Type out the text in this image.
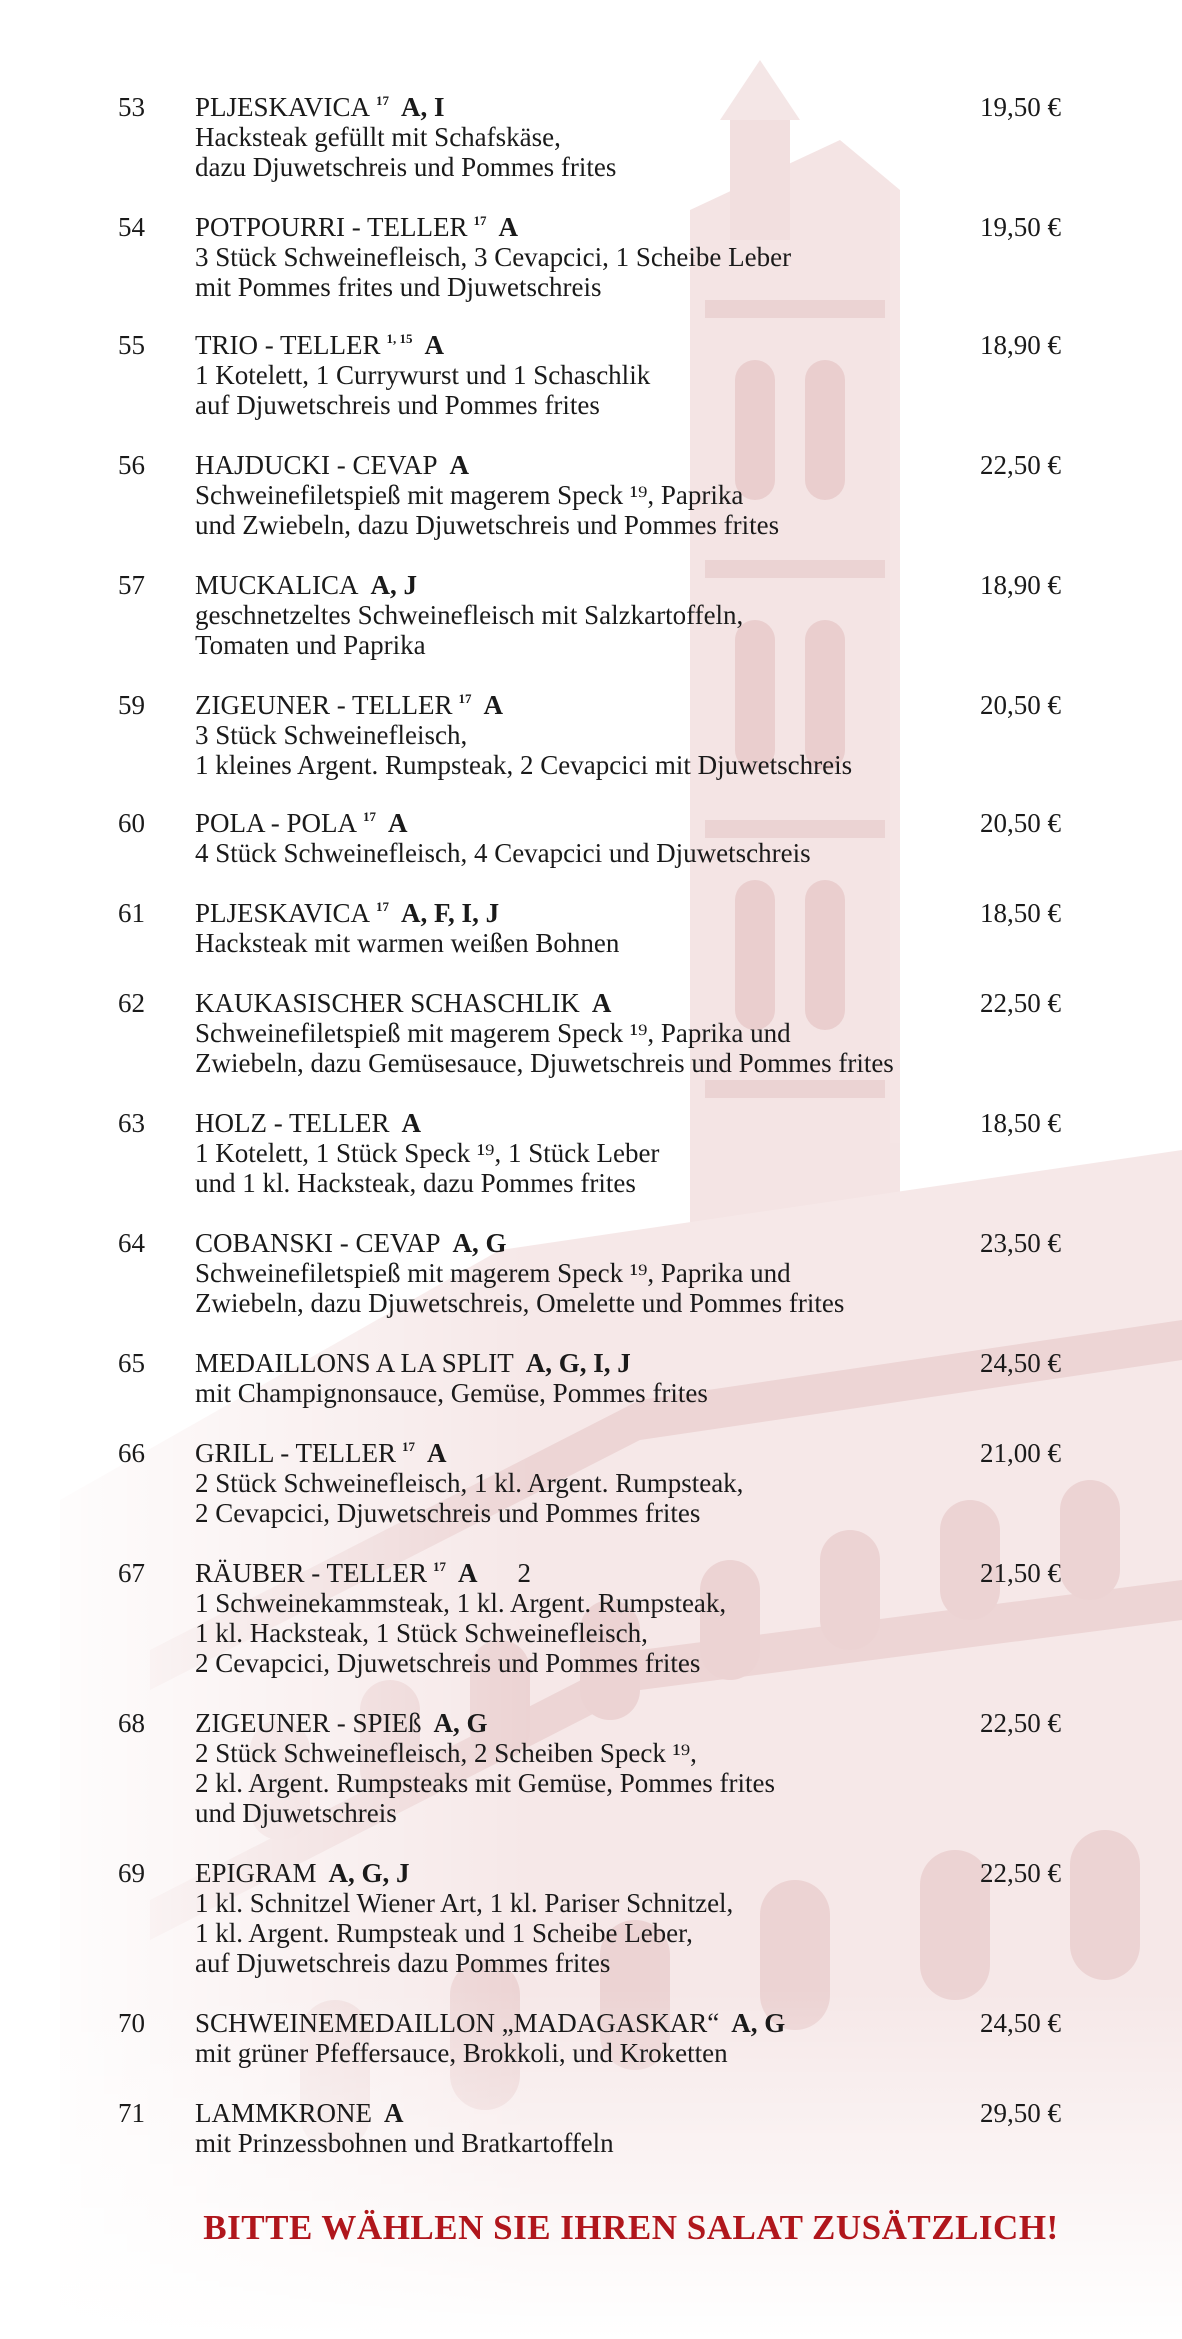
53 PLJESKAVICA $^{17}$ A, I
Hacksteak gefüllt mit Schafskäse,
dazu Djuwetschreis und Pommes frites
19,50 €
54 POTPOURRI - TELLER $^{17}$ A
3 Stück Schweinefleisch, 3 Cevapcici, 1 Scheibe Leber
mit Pommes frites und Djuwetschreis
19,50 €
55 TRIO - TELLER $^{1, 15}$ A
1 Kotelett, 1 Currywurst und 1 Schaschlik
auf Djuwetschreis und Pommes frites
18,90 €
56 HAJDUCKI - CEVAP A
Schweinefiletspieß mit magerem Speck ¹⁹, Paprika
und Zwiebeln, dazu Djuwetschreis und Pommes frites
22,50 €
57 MUCKALICA A, J
geschnetzeltes Schweinefleisch mit Salzkartoffeln,
Tomaten und Paprika
18,90 €
59 ZIGEUNER - TELLER $^{17}$ A
3 Stück Schweinefleisch,
1 kleines Argent. Rumpsteak, 2 Cevapcici mit Djuwetschreis
20,50 €
60 POLA - POLA $^{17}$ A
4 Stück Schweinefleisch, 4 Cevapcici und Djuwetschreis
20,50 €
61 PLJESKAVICA $^{17}$ A, F, I, J
Hacksteak mit warmen weißen Bohnen
18,50 €
62 KAUKASISCHER SCHASCHLIK A
Schweinefiletspieß mit magerem Speck ¹⁹, Paprika und
Zwiebeln, dazu Gemüsesauce, Djuwetschreis und Pommes frites
22,50 €
63 HOLZ - TELLER A
1 Kotelett, 1 Stück Speck ¹⁹, 1 Stück Leber
und 1 kl. Hacksteak, dazu Pommes frites
18,50 €
64 COBANSKI - CEVAP A, G
Schweinefiletspieß mit magerem Speck ¹⁹, Paprika und
Zwiebeln, dazu Djuwetschreis, Omelette und Pommes frites
23,50 €
65 MEDAILLONS A LA SPLIT A, G, I, J
mit Champignonsauce, Gemüse, Pommes frites
24,50 €
66 GRILL - TELLER $^{17}$ A
2 Stück Schweinefleisch, 1 kl. Argent. Rumpsteak,
2 Cevapcici, Djuwetschreis und Pommes frites
21,00 €
67 RÄUBER - TELLER $^{17}$ A 2
1 Schweinekammsteak, 1 kl. Argent. Rumpsteak,
1 kl. Hacksteak, 1 Stück Schweinefleisch,
2 Cevapcici, Djuwetschreis und Pommes frites
21,50 €
68 ZIGEUNER - SPIEß A, G
2 Stück Schweinefleisch, 2 Scheiben Speck ¹⁹,
2 kl. Argent. Rumpsteaks mit Gemüse, Pommes frites
und Djuwetschreis
22,50 €
69 EPIGRAM A, G, J
1 kl. Schnitzel Wiener Art, 1 kl. Pariser Schnitzel,
1 kl. Argent. Rumpsteak und 1 Scheibe Leber,
auf Djuwetschreis dazu Pommes frites
22,50 €
70 SCHWEINEMEDAILLON „MADAGASKAR“ A, G
mit grüner Pfeffersauce, Brokkoli, und Kroketten
24,50 €
71 LAMMKRONE A
mit Prinzessbohnen und Bratkartoffeln
29,50 €
BITTE WÄHLEN SIE IHREN SALAT ZUSÄTZLICH!
